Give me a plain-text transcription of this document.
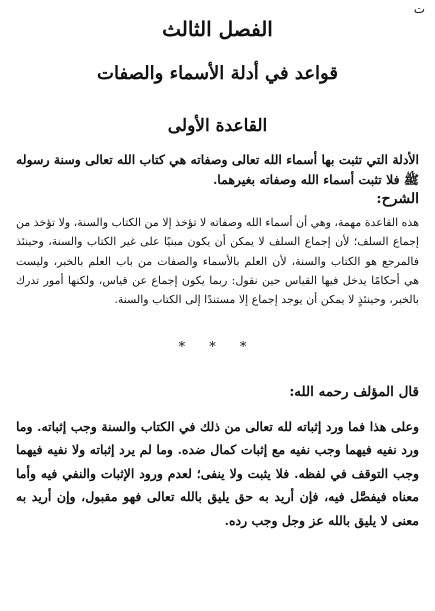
ت
الفصل الثالث
قواعد في أدلة الأسماء والصفات
القاعدة الأولى
الأدلة التي تثبت بها أسماء الله تعالى وصفاته هي كتاب الله تعالى وسنة رسوله ﷺ فلا تثبت أسماء الله وصفاته بغيرهما.
الشرح:
هذه القاعدة مهمة، وهي أن أسماء الله وصفاته لا تؤخذ إلا من الكتاب والسنة، ولا تؤخذ من إجماع السلف؛ لأن إجماع السلف لا يمكن أن يكون مبنيًا على غير الكتاب والسنة، وحينئذ فالمرجع هو الكتاب والسنة، لأن العلم بالأسماء والصفات من باب العلم بالخبر، وليست هي أحكامًا يدخل فيها القياس حين نقول: ربما يكون إجماع عن قياس، ولكنها أمور تدرك بالخبر، وحينئذٍ لا يمكن أن يوجد إجماع إلا مستندًا إلى الكتاب والسنة.
* * *
قال المؤلف رحمه الله:
وعلى هذا فما ورد إثباته لله تعالى من ذلك في الكتاب والسنة وجب إثباته. وما ورد نفيه فيهما وجب نفيه مع إثبات كمال ضده. وما لم يرد إثباته ولا نفيه فيهما وجب التوقف في لفظه. فلا يثبت ولا ينفى؛ لعدم ورود الإثبات والنفي فيه وأما معناه فيفصَّل فيه، فإن أريد به حق يليق بالله تعالى فهو مقبول، وإن أريد به معنى لا يليق بالله عز وجل وجب رده.
